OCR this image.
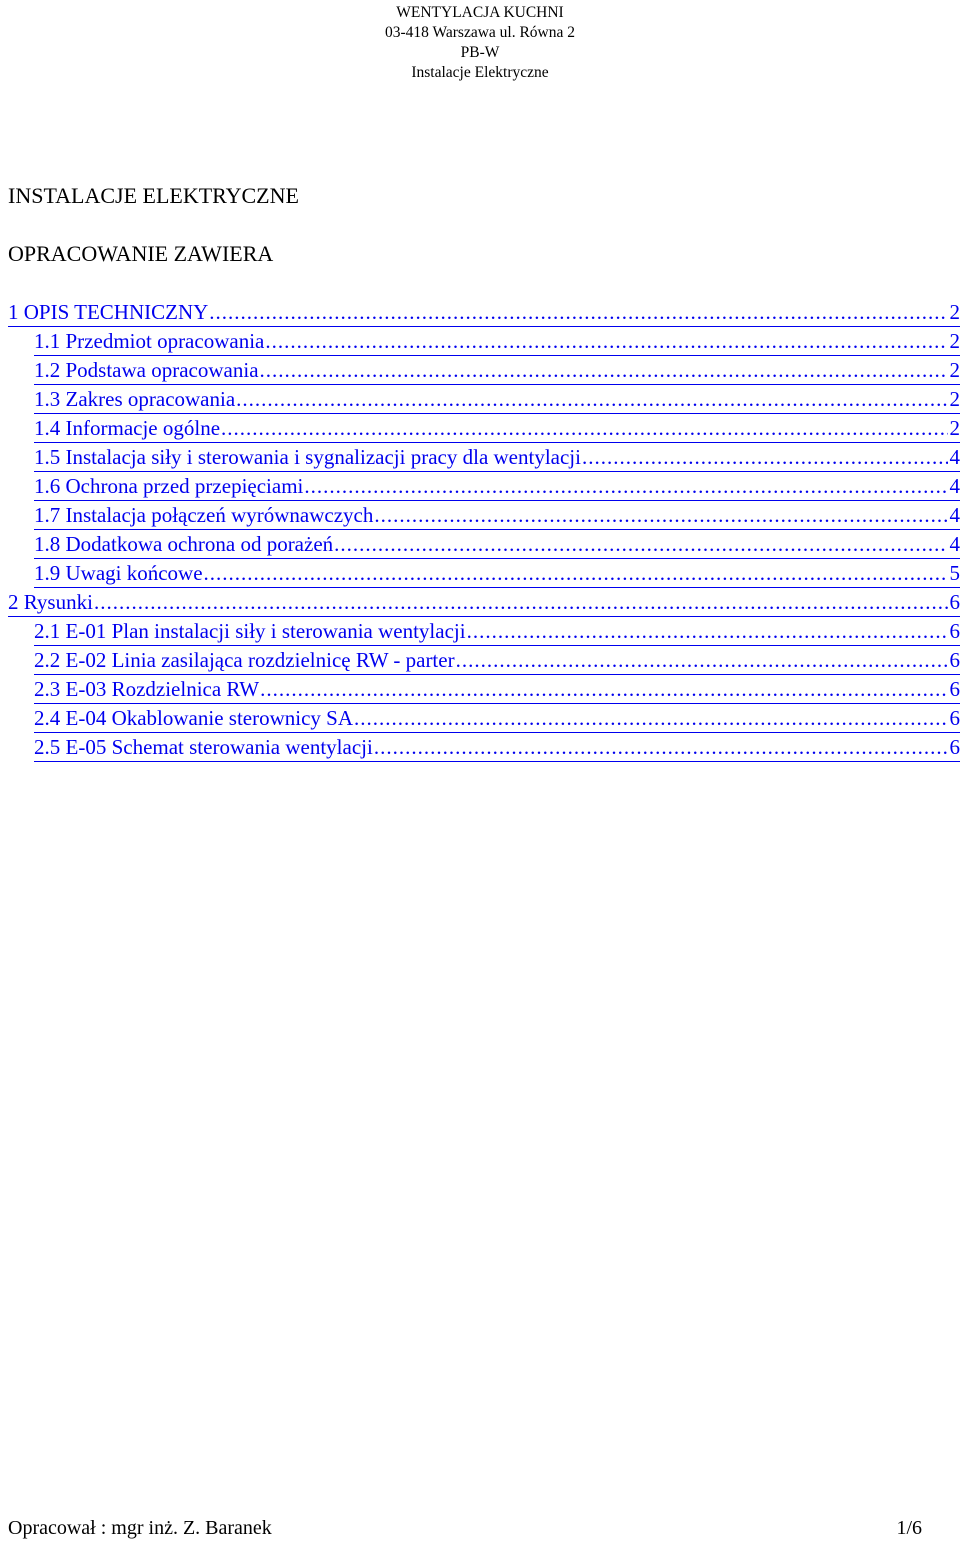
WENTYLACJA KUCHNI
03-418 Warszawa ul. Równa 2
PB-W
Instalacje Elektryczne
INSTALACJE ELEKTRYCZNE
OPRACOWANIE ZAWIERA
1 OPIS TECHNICZNY .....	2
1.1 Przedmiot opracowania .....	2
1.2 Podstawa opracowania .....	2
1.3 Zakres opracowania .....	2
1.4 Informacje ogólne .....	2
1.5 Instalacja siły i sterowania i sygnalizacji pracy dla wentylacji .....	4
1.6 Ochrona przed przepięciami .....	4
1.7 Instalacja połączeń wyrównawczych .....	4
1.8 Dodatkowa ochrona od porażeń .....	4
1.9 Uwagi końcowe .....	5
2 Rysunki .....	6
2.1 E-01 Plan instalacji siły i sterowania wentylacji .....	6
2.2 E-02 Linia zasilająca rozdzielnicę RW - parter .....	6
2.3 E-03 Rozdzielnica RW .....	6
2.4 E-04 Okablowanie sterownicy SA .....	6
2.5 E-05 Schemat sterowania wentylacji .....	6
Opracował : mgr inż. Z. Baranek	1/6
